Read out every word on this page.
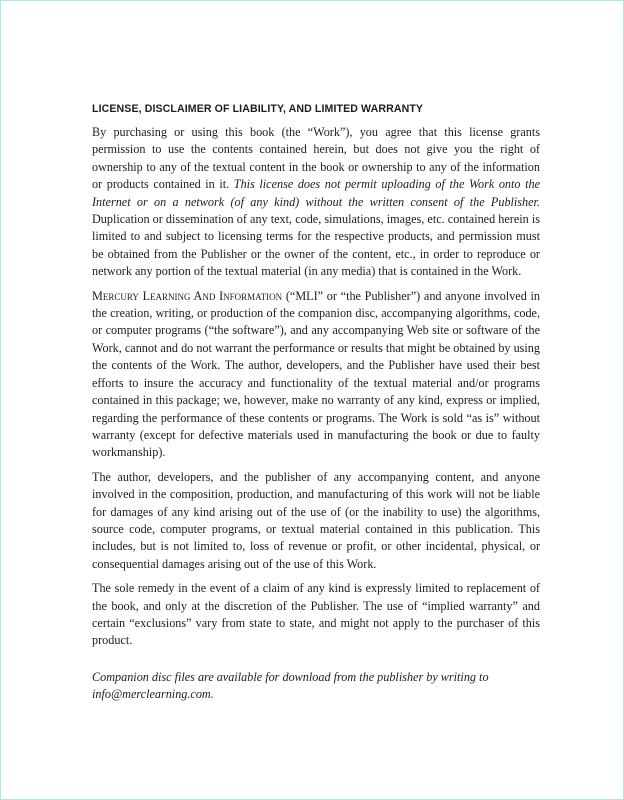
LICENSE, DISCLAIMER OF LIABILITY, AND LIMITED WARRANTY

By purchasing or using this book (the “Work”), you agree that this license grants permission to use the contents contained herein, but does not give you the right of ownership to any of the textual content in the book or ownership to any of the information or products contained in it. This license does not permit uploading of the Work onto the Internet or on a network (of any kind) without the written consent of the Publisher. Duplication or dissemination of any text, code, simulations, images, etc. contained herein is limited to and subject to licensing terms for the respective products, and permission must be obtained from the Publisher or the owner of the content, etc., in order to reproduce or network any portion of the textual material (in any media) that is contained in the Work.

Mercury Learning And Information (“MLI” or “the Publisher”) and anyone involved in the creation, writing, or production of the companion disc, accompanying algorithms, code, or computer programs (“the software”), and any accompanying Web site or software of the Work, cannot and do not warrant the performance or results that might be obtained by using the contents of the Work. The author, developers, and the Publisher have used their best efforts to insure the accuracy and functionality of the textual material and/or programs contained in this package; we, however, make no warranty of any kind, express or implied, regarding the performance of these contents or programs. The Work is sold “as is” without warranty (except for defective materials used in manufacturing the book or due to faulty workmanship).

The author, developers, and the publisher of any accompanying content, and anyone involved in the composition, production, and manufacturing of this work will not be liable for damages of any kind arising out of the use of (or the inability to use) the algorithms, source code, computer programs, or textual material contained in this publication. This includes, but is not limited to, loss of revenue or profit, or other incidental, physical, or consequential damages arising out of the use of this Work.

The sole remedy in the event of a claim of any kind is expressly limited to replacement of the book, and only at the discretion of the Publisher. The use of “implied warranty” and certain “exclusions” vary from state to state, and might not apply to the purchaser of this product.

Companion disc files are available for download from the publisher by writing to info@merclearning.com.
